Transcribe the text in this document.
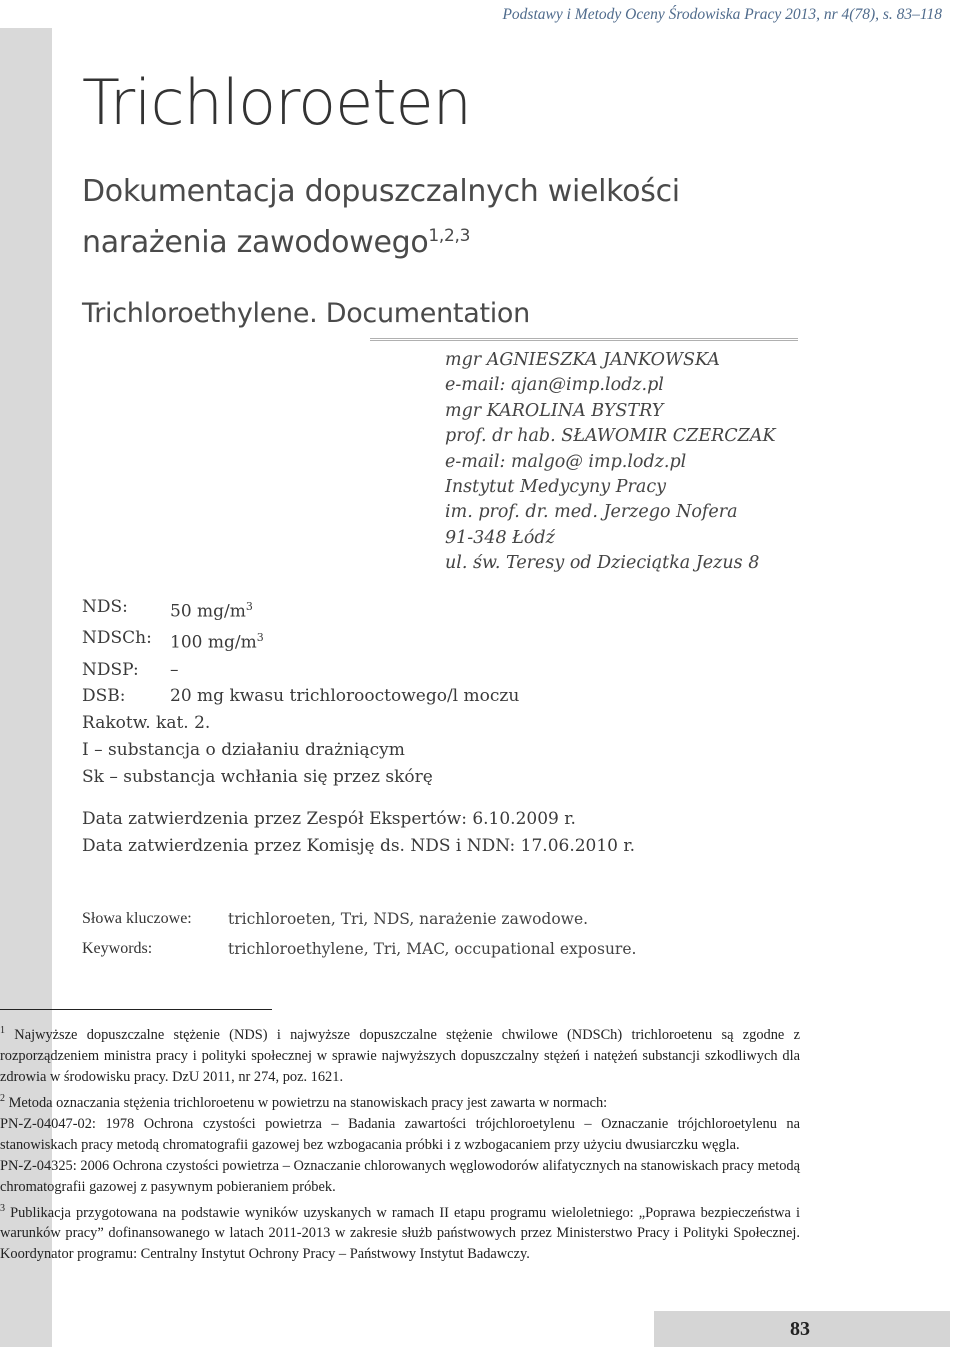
Podstawy i Metody Oceny Środowiska Pracy 2013, nr 4(78), s. 83–118
Trichloroeten
Dokumentacja dopuszczalnych wielkości
narażenia zawodowego$^{1,2,3}$
Trichloroethylene. Documentation
mgr AGNIESZKA JANKOWSKA
e-mail: ajan@imp.lodz.pl
mgr KAROLINA BYSTRY
prof. dr hab. SŁAWOMIR CZERCZAK
e-mail: malgo@ imp.lodz.pl
Instytut Medycyny Pracy
im. prof. dr. med. Jerzego Nofera
91-348 Łódź
ul. św. Teresy od Dzieciątka Jezus 8
NDS:	50 $mg/m^3$
NDSCh:	100 $mg/m^3$
NDSP:	–
DSB:	20 mg kwasu trichlorooctowego/l moczu
Rakotw. kat. 2.
I – substancja o działaniu drażniącym
Sk – substancja wchłania się przez skórę
Data zatwierdzenia przez Zespół Ekspertów: 6.10.2009 r.
Data zatwierdzenia przez Komisję ds. NDS i NDN: 17.06.2010 r.
Słowa kluczowe:	trichloroeten, Tri, NDS, narażenie zawodowe.
Keywords:	trichloroethylene, Tri, MAC, occupational exposure.

$^1$ Najwyższe dopuszczalne stężenie (NDS) i najwyższe dopuszczalne stężenie chwilowe (NDSCh) trichloroetenu są zgodne z rozporządzeniem ministra pracy i polityki społecznej w sprawie najwyższych dopuszczalny stężeń i natężeń substancji szkodliwych dla zdrowia w środowisku pracy. DzU 2011, nr 274, poz. 1621.

$^2$ Metoda oznaczania stężenia trichloroetenu w powietrzu na stanowiskach pracy jest zawarta w normach:

PN-Z-04047-02: 1978 Ochrona czystości powietrza – Badania zawartości trójchloroetylenu – Oznaczanie trójchloroetylenu na stanowiskach pracy metodą chromatografii gazowej bez wzbogacania próbki i z wzbogacaniem przy użyciu dwusiarczku węgla.

PN-Z-04325: 2006 Ochrona czystości powietrza – Oznaczanie chlorowanych węglowodorów alifatycznych na stanowiskach pracy metodą chromatografii gazowej z pasywnym pobieraniem próbek.

$^3$ Publikacja przygotowana na podstawie wyników uzyskanych w ramach II etapu programu wieloletniego: „Poprawa bezpieczeństwa i warunków pracy” dofinansowanego w latach 2011-2013 w zakresie służb państwowych przez Ministerstwo Pracy i Polityki Społecznej. Koordynator programu: Centralny Instytut Ochrony Pracy – Państwowy Instytut Badawczy.

83
